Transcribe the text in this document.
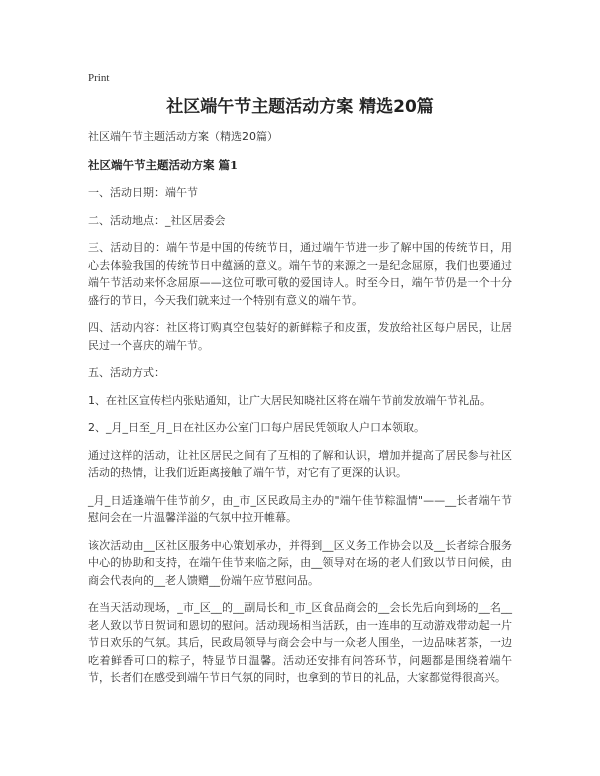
Print
社区端午节主题活动方案 精选20篇

社区端午节主题活动方案（精选20篇）

社区端午节主题活动方案 篇1

一、活动日期：端午节

二、活动地点：_社区居委会

三、活动目的：端午节是中国的传统节日，通过端午节进一步了解中国的传统节日，用心去体验我国的传统节日中蕴涵的意义。端午节的来源之一是纪念屈原，我们也要通过端午节活动来怀念屈原——这位可歌可敬的爱国诗人。时至今日，端午节仍是一个十分盛行的节日，今天我们就来过一个特别有意义的端午节。

四、活动内容：社区将订购真空包装好的新鲜粽子和皮蛋，发放给社区每户居民，让居民过一个喜庆的端午节。

五、活动方式：

1、在社区宣传栏内张贴通知，让广大居民知晓社区将在端午节前发放端午节礼品。

2、_月_日至_月_日在社区办公室门口每户居民凭领取人户口本领取。

通过这样的活动，让社区居民之间有了互相的了解和认识，增加并提高了居民参与社区活动的热情，让我们近距离接触了端午节，对它有了更深的认识。

_月_日适逢端午佳节前夕，由_市_区民政局主办的"端午佳节粽温情"——__长者端午节慰问会在一片温馨洋溢的气氛中拉开帷幕。

该次活动由__区社区服务中心策划承办，并得到__区义务工作协会以及__长者综合服务中心的协助和支持，在端午佳节来临之际，由__领导对在场的老人们致以节日问候，由商会代表向的__老人馈赠__份端午应节慰问品。

在当天活动现场，_市_区__的__副局长和_市_区食品商会的__会长先后向到场的__名__老人致以节日贺词和恩切的慰问。活动现场相当活跃，由一连串的互动游戏带动起一片节日欢乐的气氛。其后，民政局领导与商会会中与一众老人围坐，一边品味茗茶，一边吃着鲜香可口的粽子，特显节日温馨。活动还安排有问答环节，问题都是围绕着端午节，长者们在感受到端午节日气氛的同时，也拿到的节日的礼品，大家都觉得很高兴。
